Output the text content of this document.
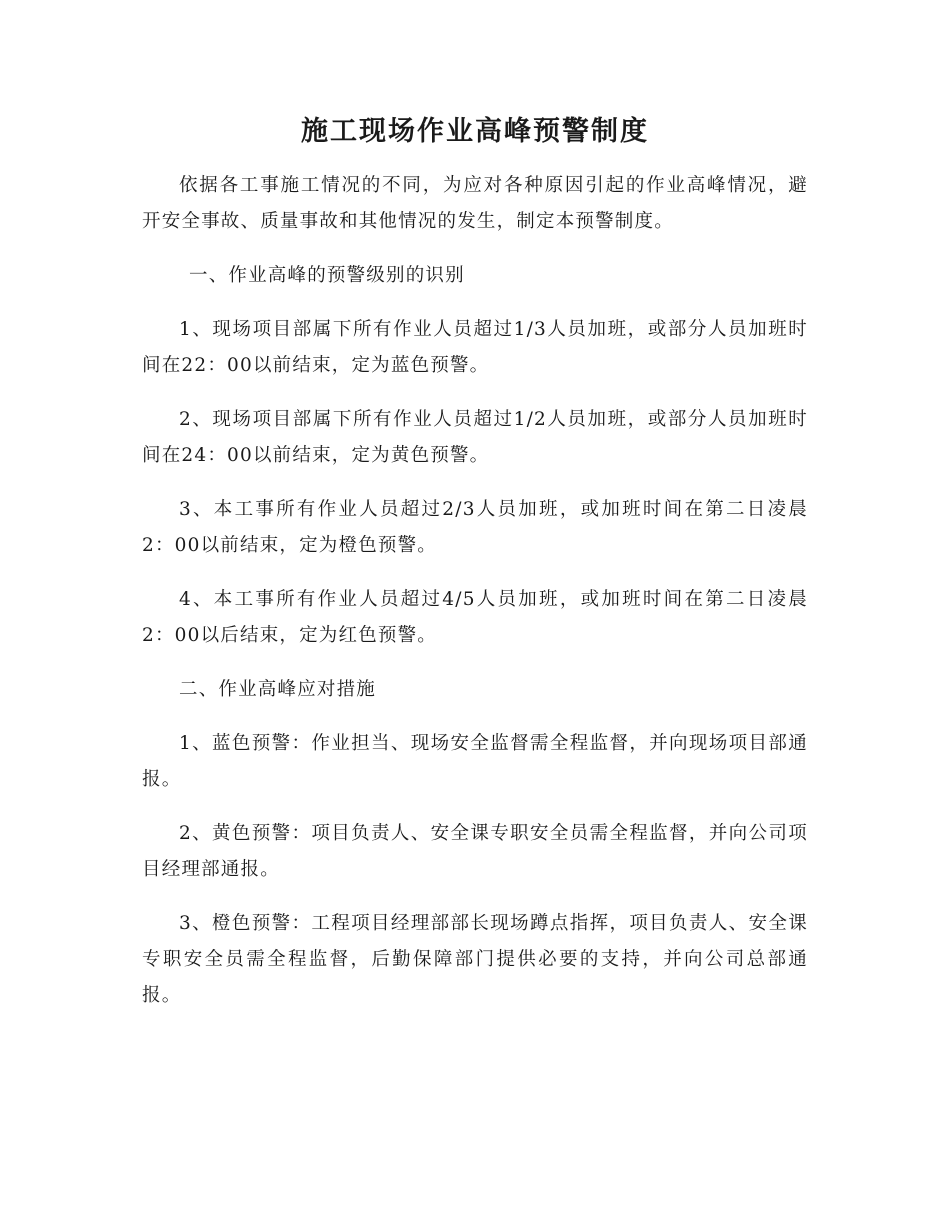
施工现场作业高峰预警制度

依据各工事施工情况的不同，为应对各种原因引起的作业高峰情况，避开安全事故、质量事故和其他情况的发生，制定本预警制度。

一、作业高峰的预警级别的识别

1、现场项目部属下所有作业人员超过1/3人员加班，或部分人员加班时间在22：00以前结束，定为蓝色预警。

2、现场项目部属下所有作业人员超过1/2人员加班，或部分人员加班时间在24：00以前结束，定为黄色预警。

3、本工事所有作业人员超过2/3人员加班，或加班时间在第二日凌晨2：00以前结束，定为橙色预警。

4、本工事所有作业人员超过4/5人员加班，或加班时间在第二日凌晨2：00以后结束，定为红色预警。

二、作业高峰应对措施

1、蓝色预警：作业担当、现场安全监督需全程监督，并向现场项目部通报。

2、黄色预警：项目负责人、安全课专职安全员需全程监督，并向公司项目经理部通报。

3、橙色预警：工程项目经理部部长现场蹲点指挥，项目负责人、安全课专职安全员需全程监督，后勤保障部门提供必要的支持，并向公司总部通报。
